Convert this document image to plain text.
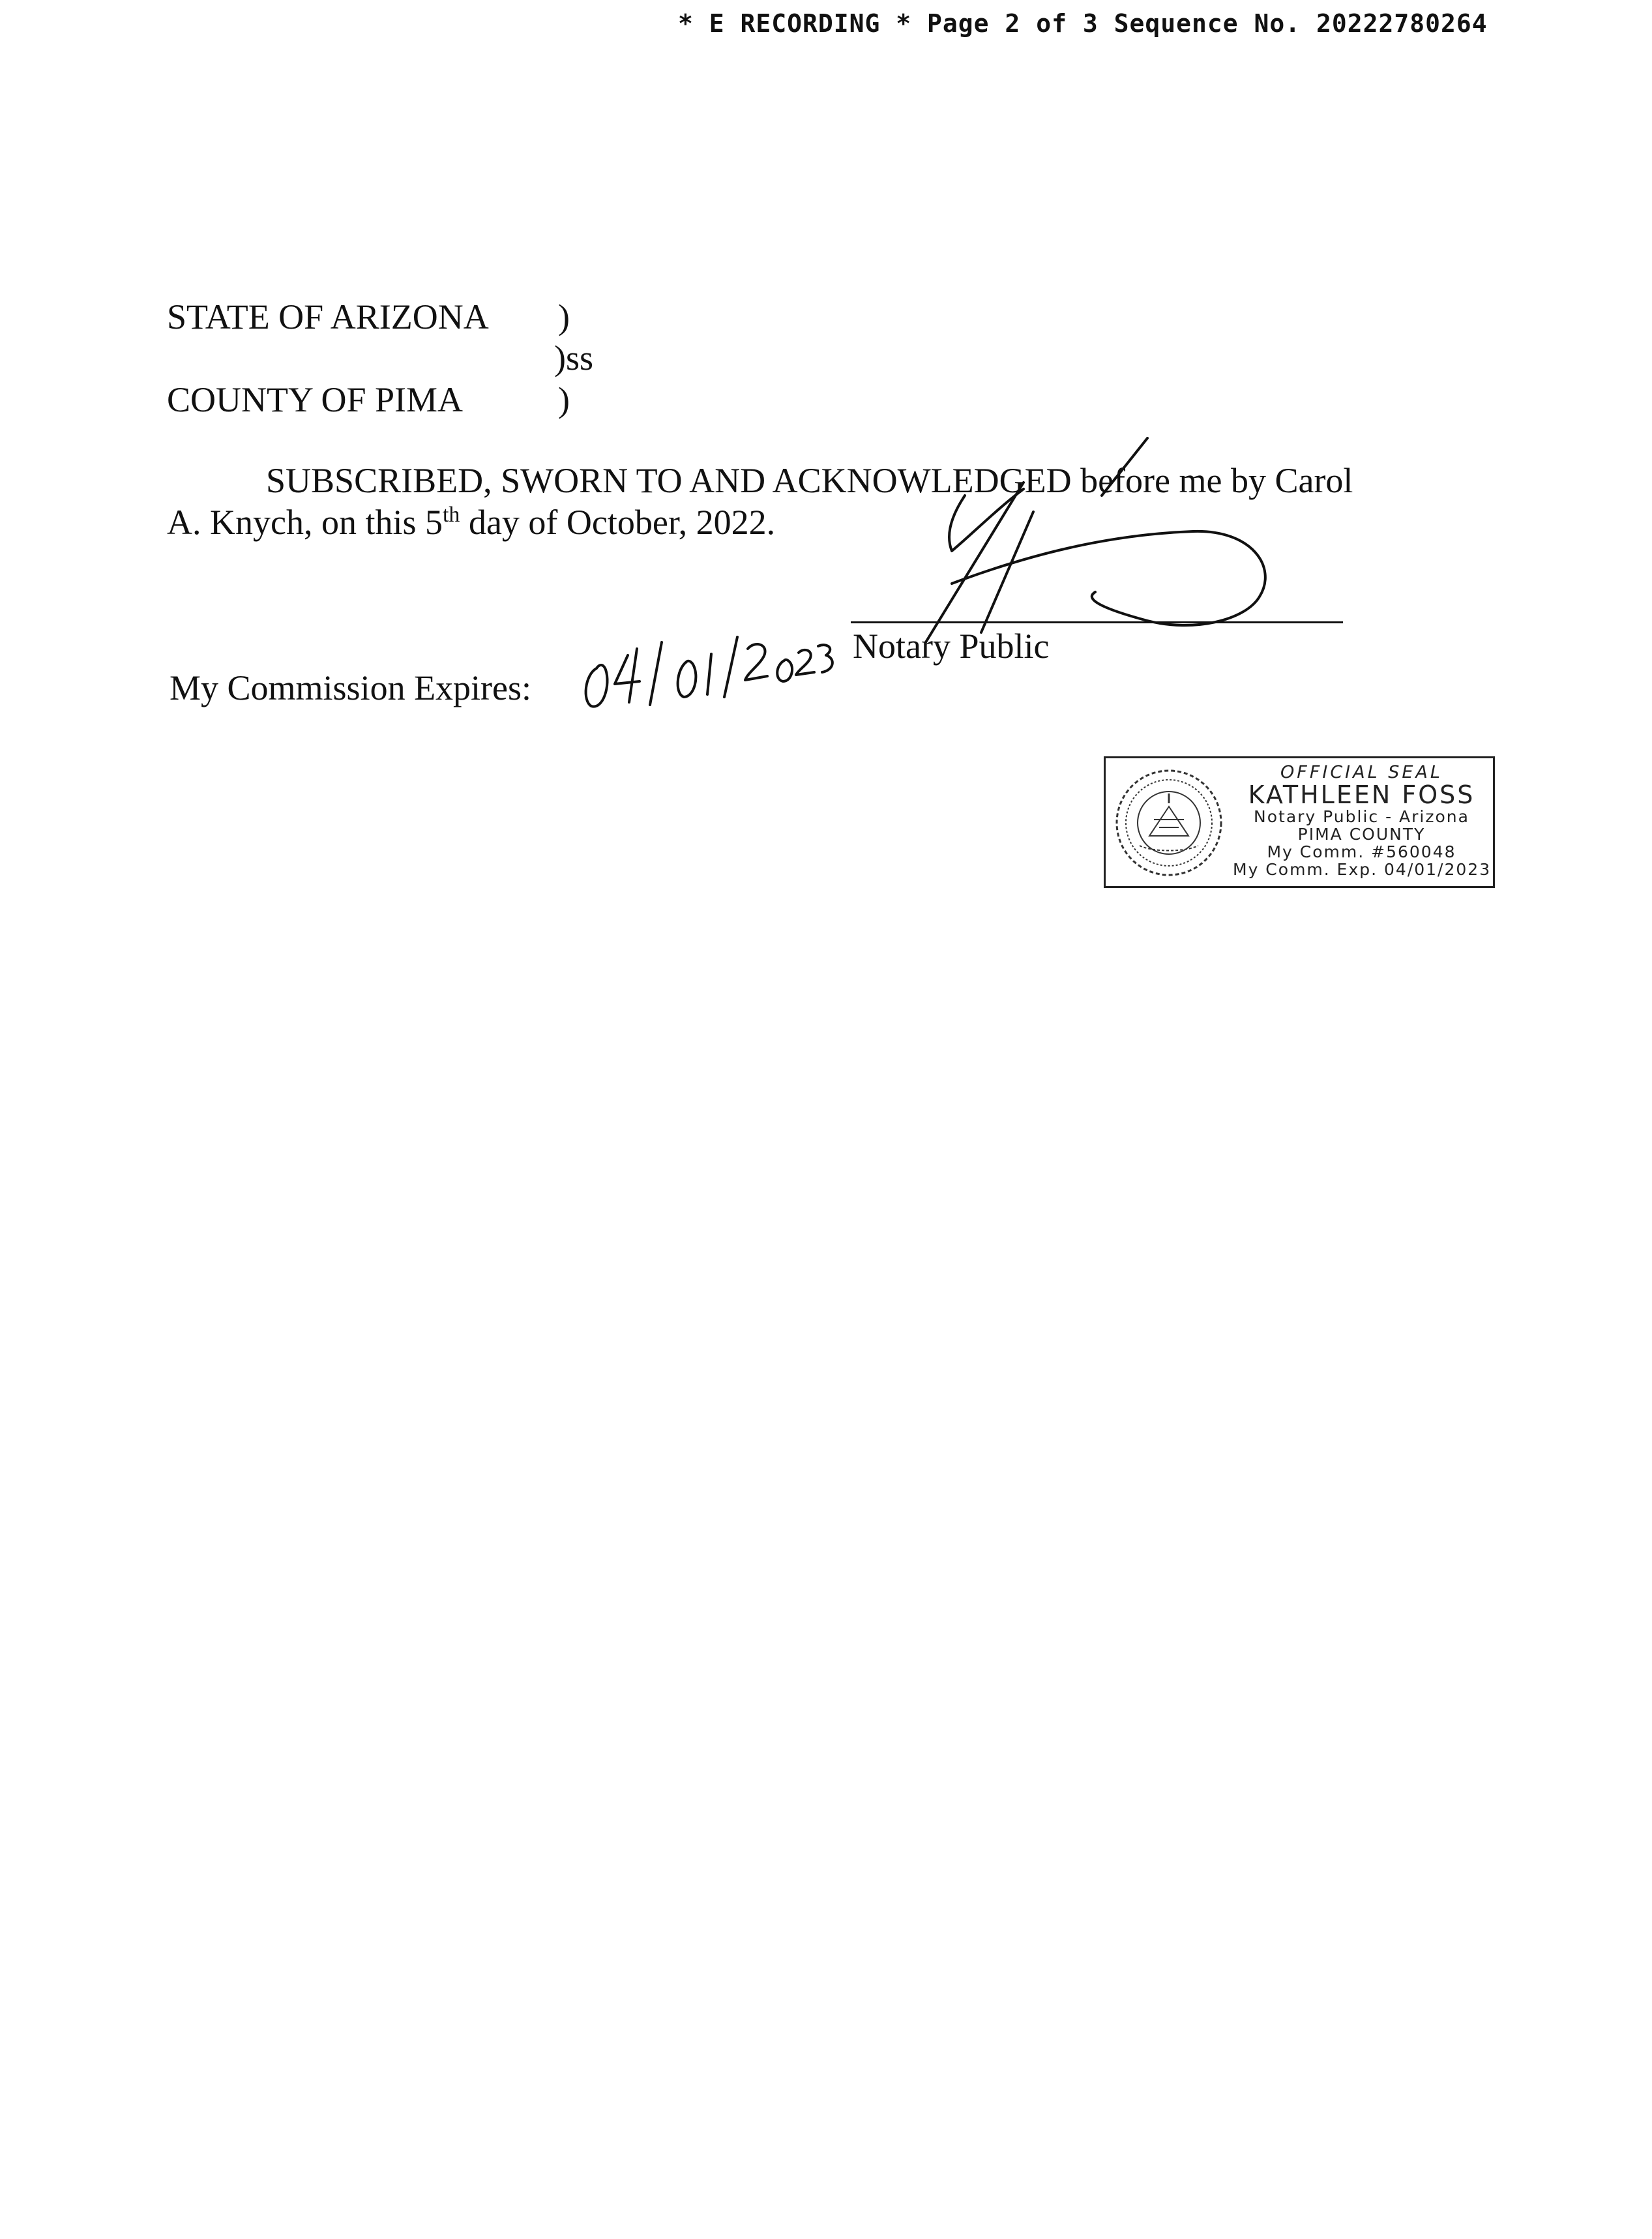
* E RECORDING * Page 2 of 3 Sequence No. 20222780264
STATE OF ARIZONA )
)ss
COUNTY OF PIMA	)
SUBSCRIBED, SWORN TO AND ACKNOWLEDGED before me by Carol
A. Knych, on this 5th day of October, 2022.
Notary Public
My Commission Expires:
OFFICIAL SEAL
KATHLEEN FOSS
Notary Public - Arizona
PIMA COUNTY
My Comm. #560048
My Comm. Exp. 04/01/2023
